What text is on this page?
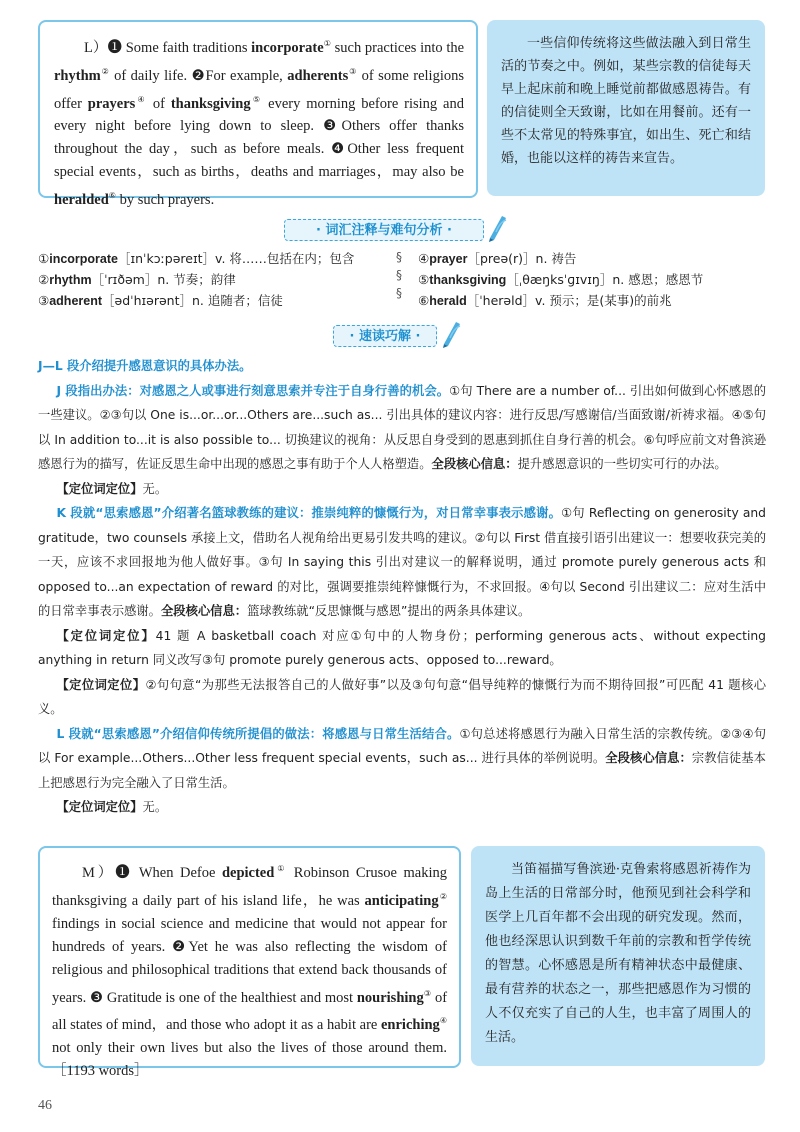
L）❶ Some faith traditions incorporate① such practices into the rhythm② of daily life. ❷For example, adherents③ of some religions offer prayers④ of thanksgiving⑤ every morning before rising and every night before lying down to sleep. ❸Others offer thanks throughout the day，such as before meals. ❹Other less frequent special events，such as births，deaths and marriages，may also be heralded⑥ by such prayers.
一些信仰传统将这些做法融入到日常生活的节奏之中。例如，某些宗教的信徒每天早上起床前和晚上睡觉前都做感恩祷告。有的信徒则全天致谢，比如在用餐前。还有一些不太常见的特殊事宜，如出生、死亡和结婚，也能以这样的祷告来宣告。
· 词汇注释与难句分析 ·
①incorporate［ɪnˈkɔːpəreɪt］v. 将……包括在内；包含
②rhythm［ˈrɪðəm］n. 节奏；韵律
③adherent［ədˈhɪərənt］n. 追随者；信徒
§
§
§
④prayer［preə(r)］n. 祷告
⑤thanksgiving［ˌθæŋksˈɡɪvɪŋ］n. 感恩；感恩节
⑥herald［ˈherəld］v. 预示；是(某事)的前兆
· 速读巧解 ·

J—L 段介绍提升感恩意识的具体办法。

J 段指出办法：对感恩之人或事进行刻意思索并专注于自身行善的机会。①句 There are a number of... 引出如何做到心怀感恩的一些建议。②③句以 One is...or...or...Others are...such as... 引出具体的建议内容：进行反思/写感谢信/当面致谢/祈祷求福。④⑤句以 In addition to...it is also possible to... 切换建议的视角：从反思自身受到的恩惠到抓住自身行善的机会。⑥句呼应前文对鲁滨逊感恩行为的描写，佐证反思生命中出现的感恩之事有助于个人人格塑造。全段核心信息：提升感恩意识的一些切实可行的办法。

【定位词定位】无。

K 段就“思索感恩”介绍著名篮球教练的建议：推崇纯粹的慷慨行为，对日常幸事表示感谢。①句 Reflecting on generosity and gratitude，two counsels 承接上文，借助名人视角给出更易引发共鸣的建议。②句以 First 借直接引语引出建议一：想要收获完美的一天，应该不求回报地为他人做好事。③句 In saying this 引出对建议一的解释说明，通过 promote purely generous acts 和 opposed to...an expectation of reward 的对比，强调要推崇纯粹慷慨行为，不求回报。④句以 Second 引出建议二：应对生活中的日常幸事表示感谢。全段核心信息：篮球教练就“反思慷慨与感恩”提出的两条具体建议。

【定位词定位】41 题 A basketball coach 对应①句中的人物身份；performing generous acts、without expecting anything in return 同义改写③句 promote purely generous acts、opposed to...reward。

【定位词定位】②句句意“为那些无法报答自己的人做好事”以及③句句意“倡导纯粹的慷慨行为而不期待回报”可匹配 41 题核心义。

L 段就“思索感恩”介绍信仰传统所提倡的做法：将感恩与日常生活结合。①句总述将感恩行为融入日常生活的宗教传统。②③④句以 For example...Others...Other less frequent special events，such as... 进行具体的举例说明。全段核心信息：宗教信徒基本上把感恩行为完全融入了日常生活。

【定位词定位】无。

M）❶ When Defoe depicted① Robinson Crusoe making thanksgiving a daily part of his island life，he was anticipating② findings in social science and medicine that would not appear for hundreds of years. ❷Yet he was also reflecting the wisdom of religious and philosophical traditions that extend back thousands of years. ❸ Gratitude is one of the healthiest and most nourishing③ of all states of mind，and those who adopt it as a habit are enriching④ not only their own lives but also the lives of those around them. ［1193 words］
当笛福描写鲁滨逊·克鲁索将感恩祈祷作为岛上生活的日常部分时，他预见到社会科学和医学上几百年都不会出现的研究发现。然而，他也经深思认识到数千年前的宗教和哲学传统的智慧。心怀感恩是所有精神状态中最健康、最有营养的状态之一，那些把感恩作为习惯的人不仅充实了自己的人生，也丰富了周围人的生活。
46
